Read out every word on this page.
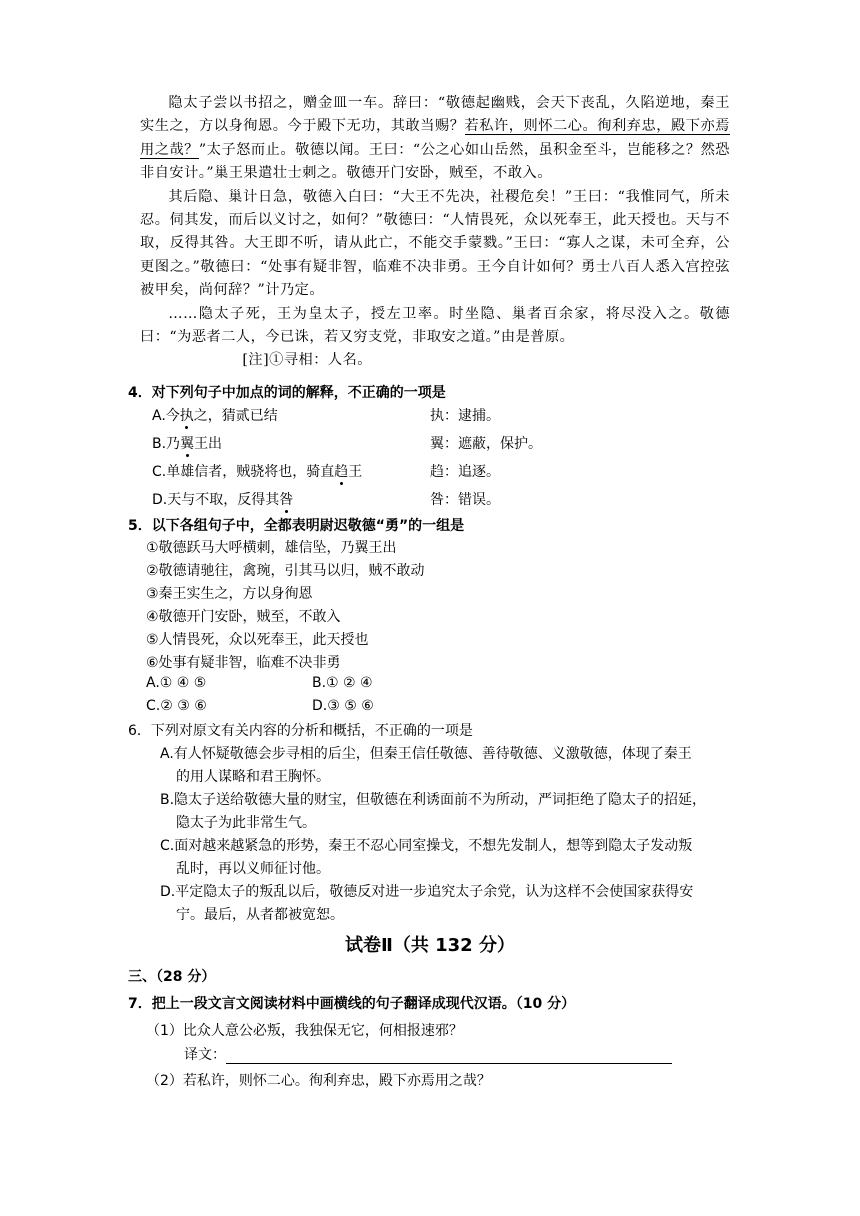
隐太子尝以书招之，赠金皿一车。辞曰：“敬德起幽贱，会天下丧乱，久陷逆地，秦王实生之，方以身徇恩。今于殿下无功，其敢当赐？若私许，则怀二心。徇利弃忠，殿下亦焉用之哉？”太子怒而止。敬德以闻。王曰：“公之心如山岳然，虽积金至斗，岂能移之？然恐非自安计。”巢王果遣壮士刺之。敬德开门安卧，贼至，不敢入。

其后隐、巢计日急，敬德入白曰：“大王不先决，社稷危矣！”王曰：“我惟同气，所未忍。伺其发，而后以义讨之，如何？”敬德曰：“人情畏死，众以死奉王，此天授也。天与不取，反得其咎。大王即不听，请从此亡，不能交手蒙戮。”王曰：“寡人之谋，未可全弃，公更图之。”敬德曰：“处事有疑非智，临难不决非勇。王今自计如何？勇士八百人悉入宫控弦被甲矣，尚何辞？”计乃定。

……隐太子死，王为皇太子，授左卫率。时坐隐、巢者百余家，将尽没入之。敬德曰：“为恶者二人，今已诛，若又穷支党，非取安之道。”由是普原。

[注]①寻相：人名。

4．对下列句子中加点的词的解释，不正确的一项是
A.今执之，猜贰已结	执：逮捕。
B.乃翼王出	翼：遮蔽，保护。
C.单雄信者，贼骁将也，骑直趋王	趋：追逐。
D.天与不取，反得其咎	咎：错误。
5．以下各组句子中，全都表明尉迟敬德“勇”的一组是
①敬德跃马大呼横刺，雄信坠，乃翼王出
②敬德请驰往，禽琬，引其马以归，贼不敢动
③秦王实生之，方以身徇恩
④敬德开门安卧，贼至，不敢入
⑤人情畏死，众以死奉王，此天授也
⑥处事有疑非智，临难不决非勇
A.① ④ ⑤	B.① ② ④
C.② ③ ⑥	D.③ ⑤ ⑥
6．下列对原文有关内容的分析和概括，不正确的一项是
A.有人怀疑敬德会步寻相的后尘，但秦王信任敬德、善待敬德、义激敬德，体现了秦王
的用人谋略和君王胸怀。
B.隐太子送给敬德大量的财宝，但敬德在利诱面前不为所动，严词拒绝了隐太子的招延，
隐太子为此非常生气。
C.面对越来越紧急的形势，秦王不忍心同室操戈，不想先发制人，想等到隐太子发动叛
乱时，再以义师征讨他。
D.平定隐太子的叛乱以后，敬德反对进一步追究太子余党，认为这样不会使国家获得安
宁。最后，从者都被宽恕。
试卷Ⅱ（共 132 分）
三、（28 分）
7．把上一段文言文阅读材料中画横线的句子翻译成现代汉语。（10 分）
（1）比众人意公必叛，我独保无它，何相报速邪？
译文：
（2）若私许，则怀二心。徇利弃忠，殿下亦焉用之哉？
